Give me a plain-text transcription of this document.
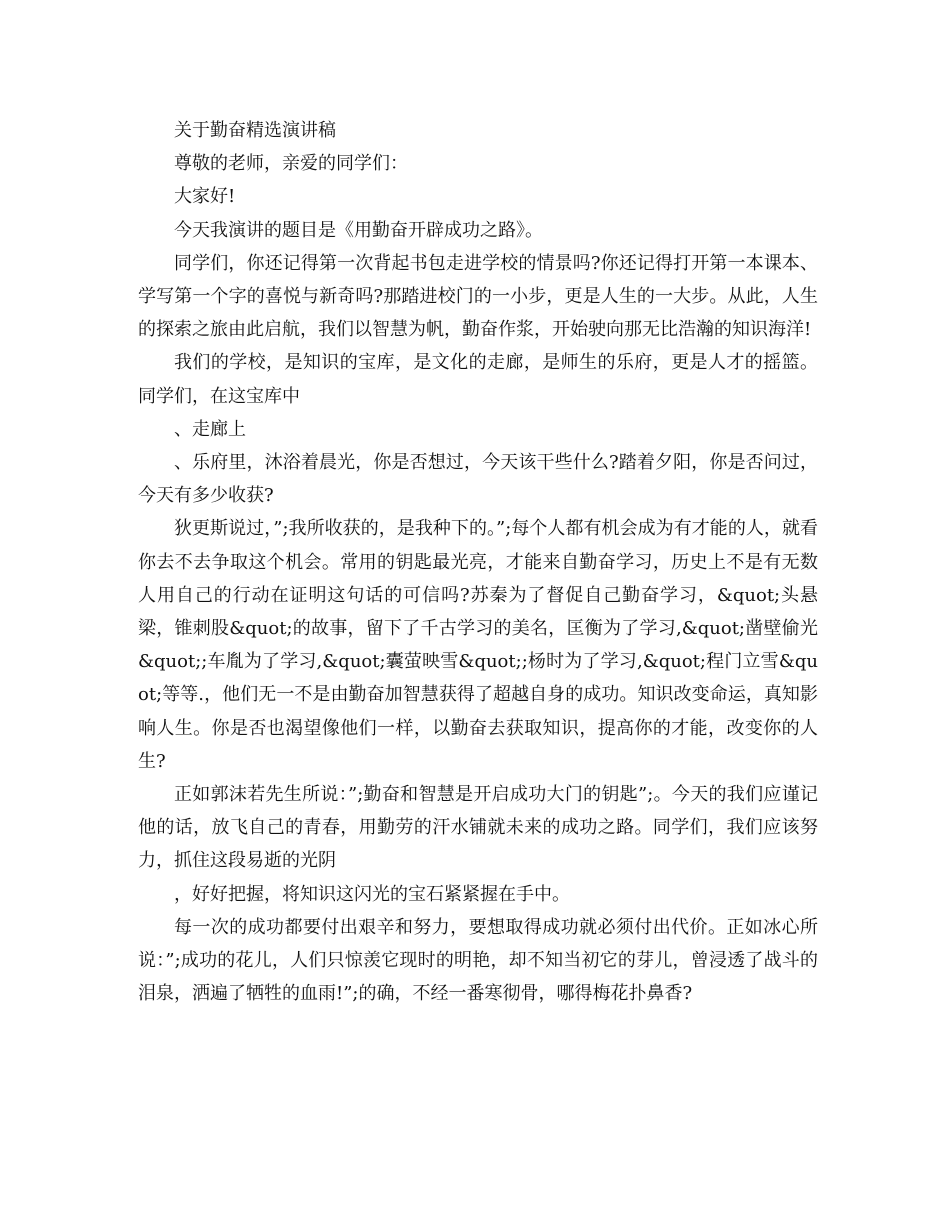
关于勤奋精选演讲稿

尊敬的老师，亲爱的同学们：

大家好!

今天我演讲的题目是《用勤奋开辟成功之路》。

同学们，你还记得第一次背起书包走进学校的情景吗?你还记得打开第一本课本、学写第一个字的喜悦与新奇吗?那踏进校门的一小步，更是人生的一大步。从此，人生的探索之旅由此启航，我们以智慧为帆，勤奋作浆，开始驶向那无比浩瀚的知识海洋!

我们的学校，是知识的宝库，是文化的走廊，是师生的乐府，更是人才的摇篮。同学们，在这宝库中

、走廊上

、乐府里，沐浴着晨光，你是否想过，今天该干些什么?踏着夕阳，你是否问过，今天有多少收获?

狄更斯说过，”;我所收获的，是我种下的。”;每个人都有机会成为有才能的人，就看你去不去争取这个机会。常用的钥匙最光亮，才能来自勤奋学习，历史上不是有无数人用自己的行动在证明这句话的可信吗?苏秦为了督促自己勤奋学习，&quot;头悬梁，锥刺股&quot;的故事，留下了千古学习的美名，匡衡为了学习,&quot;凿壁偷光&quot;;车胤为了学习,&quot;囊萤映雪&quot;;杨时为了学习,&quot;程门立雪&quot;等等.，他们无一不是由勤奋加智慧获得了超越自身的成功。知识改变命运，真知影响人生。你是否也渴望像他们一样，以勤奋去获取知识，提高你的才能，改变你的人生?

正如郭沫若先生所说：”;勤奋和智慧是开启成功大门的钥匙”;。今天的我们应谨记他的话，放飞自己的青春，用勤劳的汗水铺就未来的成功之路。同学们，我们应该努力，抓住这段易逝的光阴

，好好把握，将知识这闪光的宝石紧紧握在手中。

每一次的成功都要付出艰辛和努力，要想取得成功就必须付出代价。正如冰心所说：”;成功的花儿，人们只惊羡它现时的明艳，却不知当初它的芽儿，曾浸透了战斗的泪泉，洒遍了牺牲的血雨!”;的确，不经一番寒彻骨，哪得梅花扑鼻香?
